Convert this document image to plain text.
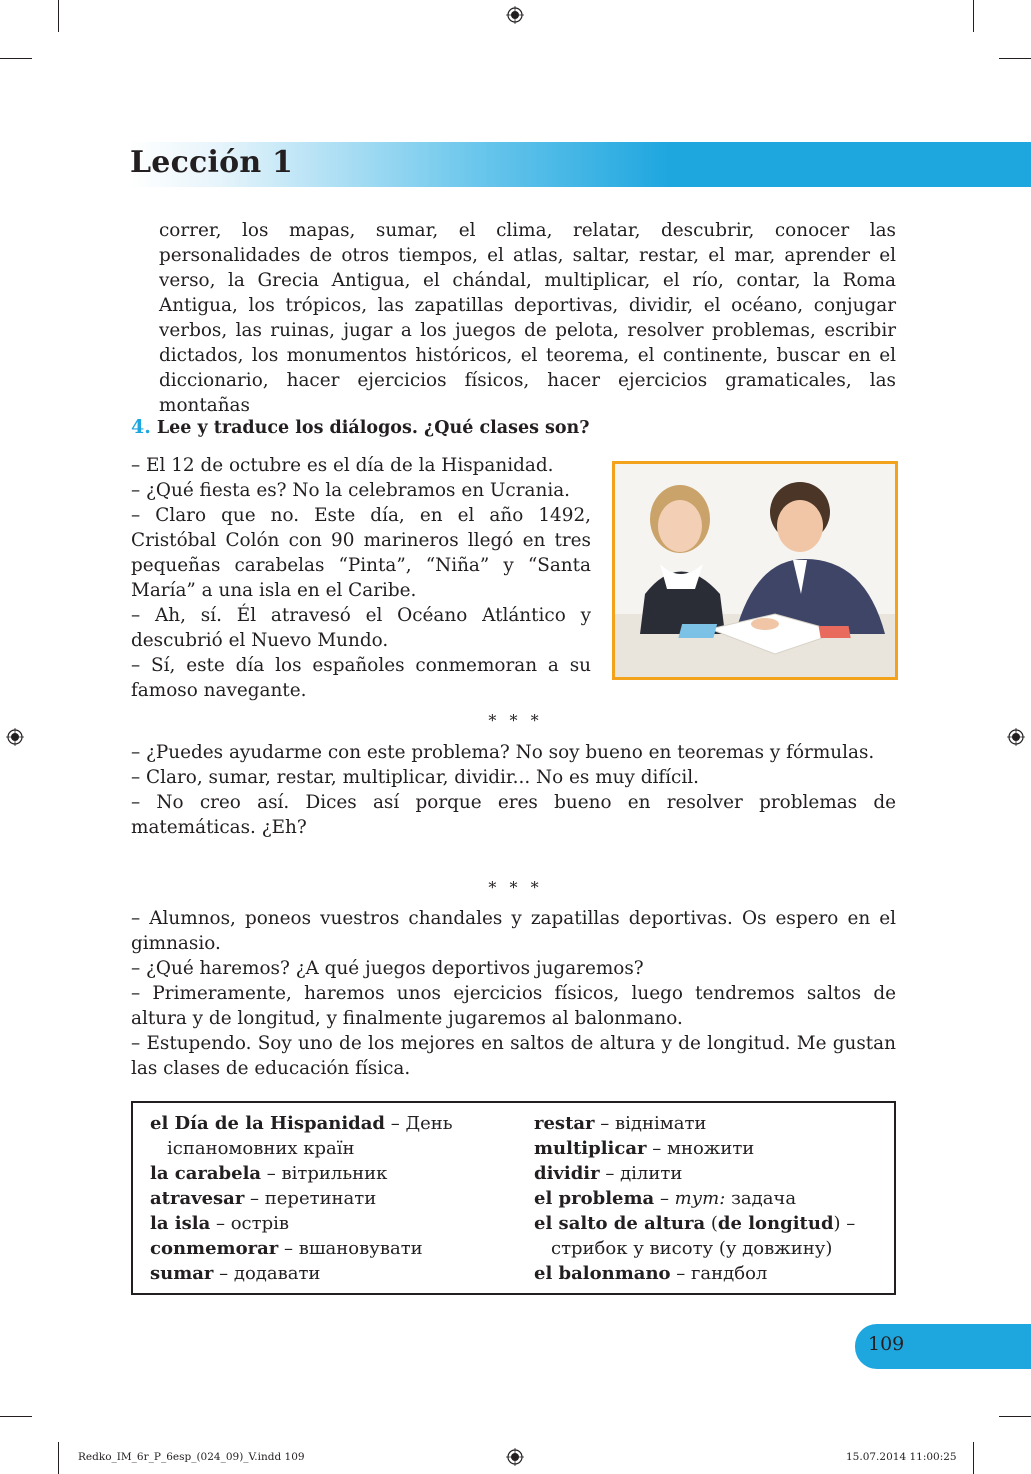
Lección 1
correr, los mapas, sumar, el clima, relatar, descubrir, conocer las personalidades de otros tiempos, el atlas, saltar, restar, el mar, aprender el verso, la Grecia Antigua, el chándal, multiplicar, el río, contar, la Roma Antigua, los trópicos, las zapatillas deportivas, dividir, el océano, conjugar verbos, las ruinas, jugar a los juegos de pelota, resolver problemas, escribir dictados, los monumentos históricos, el teorema, el continente, buscar en el diccionario, hacer ejercicios físicos, hacer ejercicios gramaticales, las montañas
4. Lee y traduce los diálogos. ¿Qué clases son?
– El 12 de octubre es el día de la Hispanidad.
– ¿Qué fiesta es? No la celebramos en Ucrania.
– Claro que no. Este día, en el año 1492, Cristóbal Colón con 90 marineros llegó en tres pequeñas carabelas “Pinta”, “Niña” y “Santa María” a una isla en el Caribe.
– Ah, sí. Él atravesó el Océano Atlántico y descubrió el Nuevo Mundo.
– Sí, este día los españoles conmemoran a su famoso navegante.
* * *
– ¿Puedes ayudarme con este problema? No soy bueno en teoremas y fórmulas.
– Claro, sumar, restar, multiplicar, dividir... No es muy difícil.
– No creo así. Dices así porque eres bueno en resolver problemas de matemáticas. ¿Eh?
* * *
– Alumnos, poneos vuestros chandales y zapatillas deportivas. Os espero en el gimnasio.
– ¿Qué haremos? ¿A qué juegos deportivos jugaremos?
– Primeramente, haremos unos ejercicios físicos, luego tendremos saltos de altura y de longitud, y finalmente jugaremos al balonmano.
– Estupendo. Soy uno de los mejores en saltos de altura y de longitud. Me gustan las clases de educación física.
el Día de la Hispanidad – День
іспаномовних країн
la carabela – вітрильник
atravesar – перетинати
la isla – острів
conmemorar – вшановувати
sumar – додавати
restar – віднімати
multiplicar – множити
dividir – ділити
el problema – тут: задача
el salto de altura (de longitud) –
стрибок у висоту (у довжину)
el balonmano – гандбол
109
Redko_IM_6r_P_6esp_(024_09)_V.indd 109	15.07.2014 11:00:25
